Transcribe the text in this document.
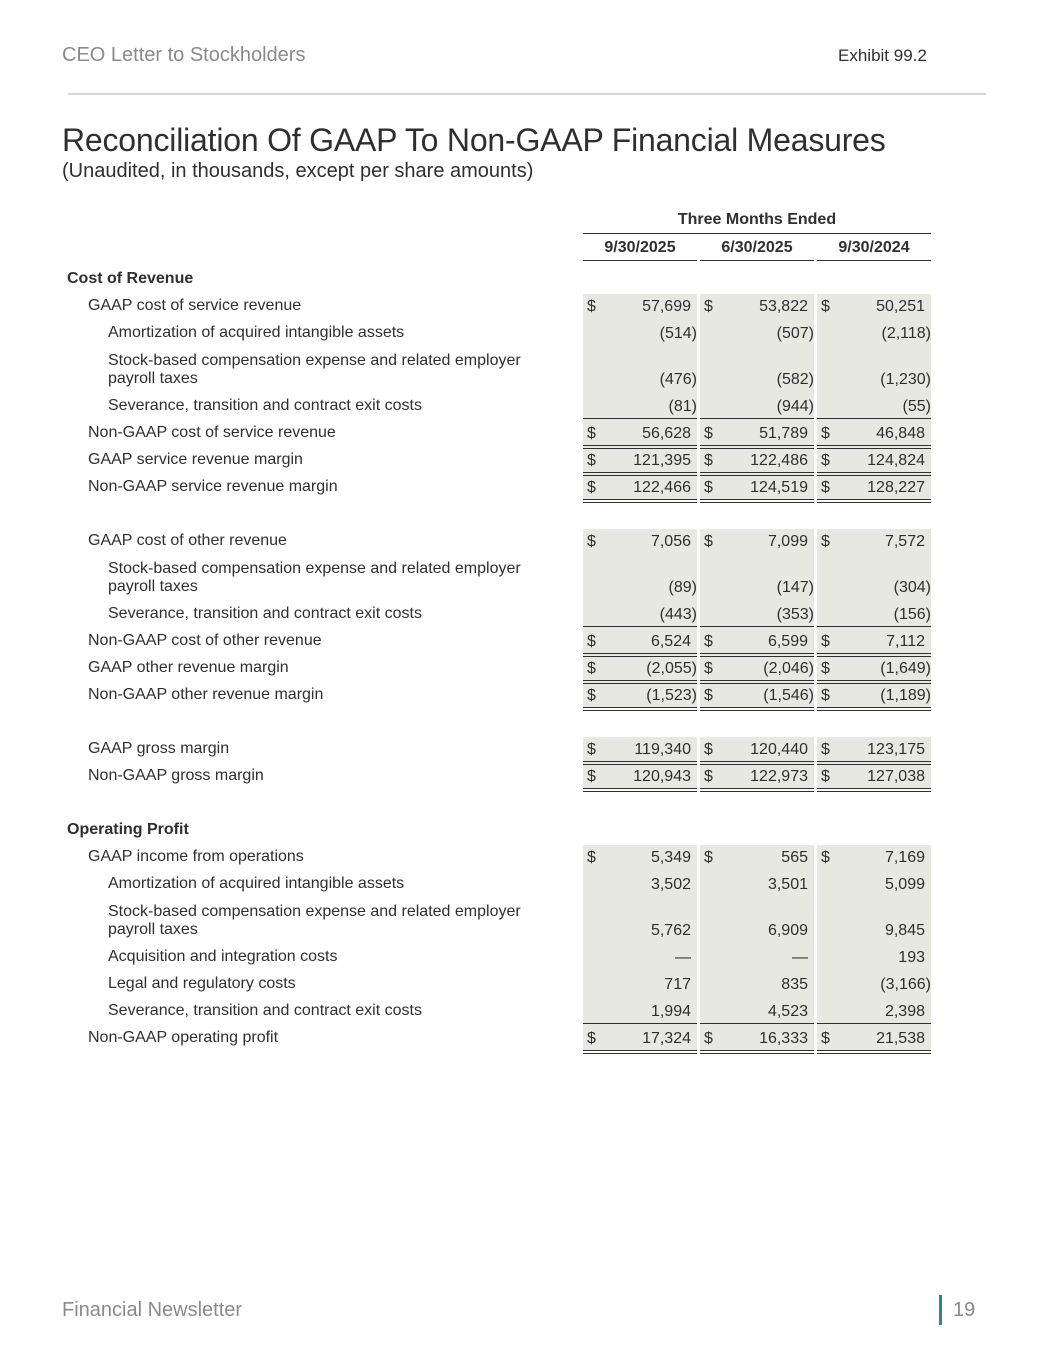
CEO Letter to Stockholders	Exhibit 99.2
Reconciliation Of GAAP To Non-GAAP Financial Measures
(Unaudited, in thousands, except per share amounts)
Three Months Ended
9/30/2025	6/30/2025	9/30/2024
Cost of Revenue
GAAP cost of service revenue	$	57,699 $	53,822 $	50,251
Amortization of acquired intangible assets	(514)	(507)	(2,118)
Stock-based compensation expense and related employer payroll taxes	(476)	(582)	(1,230)
Severance, transition and contract exit costs	(81)	(944)	(55)
Non-GAAP cost of service revenue	$	56,628 $	51,789 $	46,848
GAAP service revenue margin	$ 121,395 $ 122,486 $ 124,824
Non-GAAP service revenue margin	$ 122,466 $ 124,519 $ 128,227
GAAP cost of other revenue	$	7,056 $	7,099 $	7,572
Stock-based compensation expense and related employer payroll taxes	(89)	(147)	(304)
Severance, transition and contract exit costs	(443)	(353)	(156)
Non-GAAP cost of other revenue	$	6,524 $	6,599 $	7,112
GAAP other revenue margin	$	(2,055) $	(2,046) $	(1,649)
Non-GAAP other revenue margin	$	(1,523) $	(1,546) $	(1,189)
GAAP gross margin	$ 119,340 $ 120,440 $ 123,175
Non-GAAP gross margin	$ 120,943 $ 122,973 $ 127,038
Operating Profit
GAAP income from operations	$	5,349 $	565 $	7,169
Amortization of acquired intangible assets	3,502	3,501	5,099
Stock-based compensation expense and related employer payroll taxes	5,762	6,909	9,845
Acquisition and integration costs	—	—	193
Legal and regulatory costs	717	835	(3,166)
Severance, transition and contract exit costs	1,994	4,523	2,398
Non-GAAP operating profit	$	17,324 $	16,333 $	21,538
Financial Newsletter	19
